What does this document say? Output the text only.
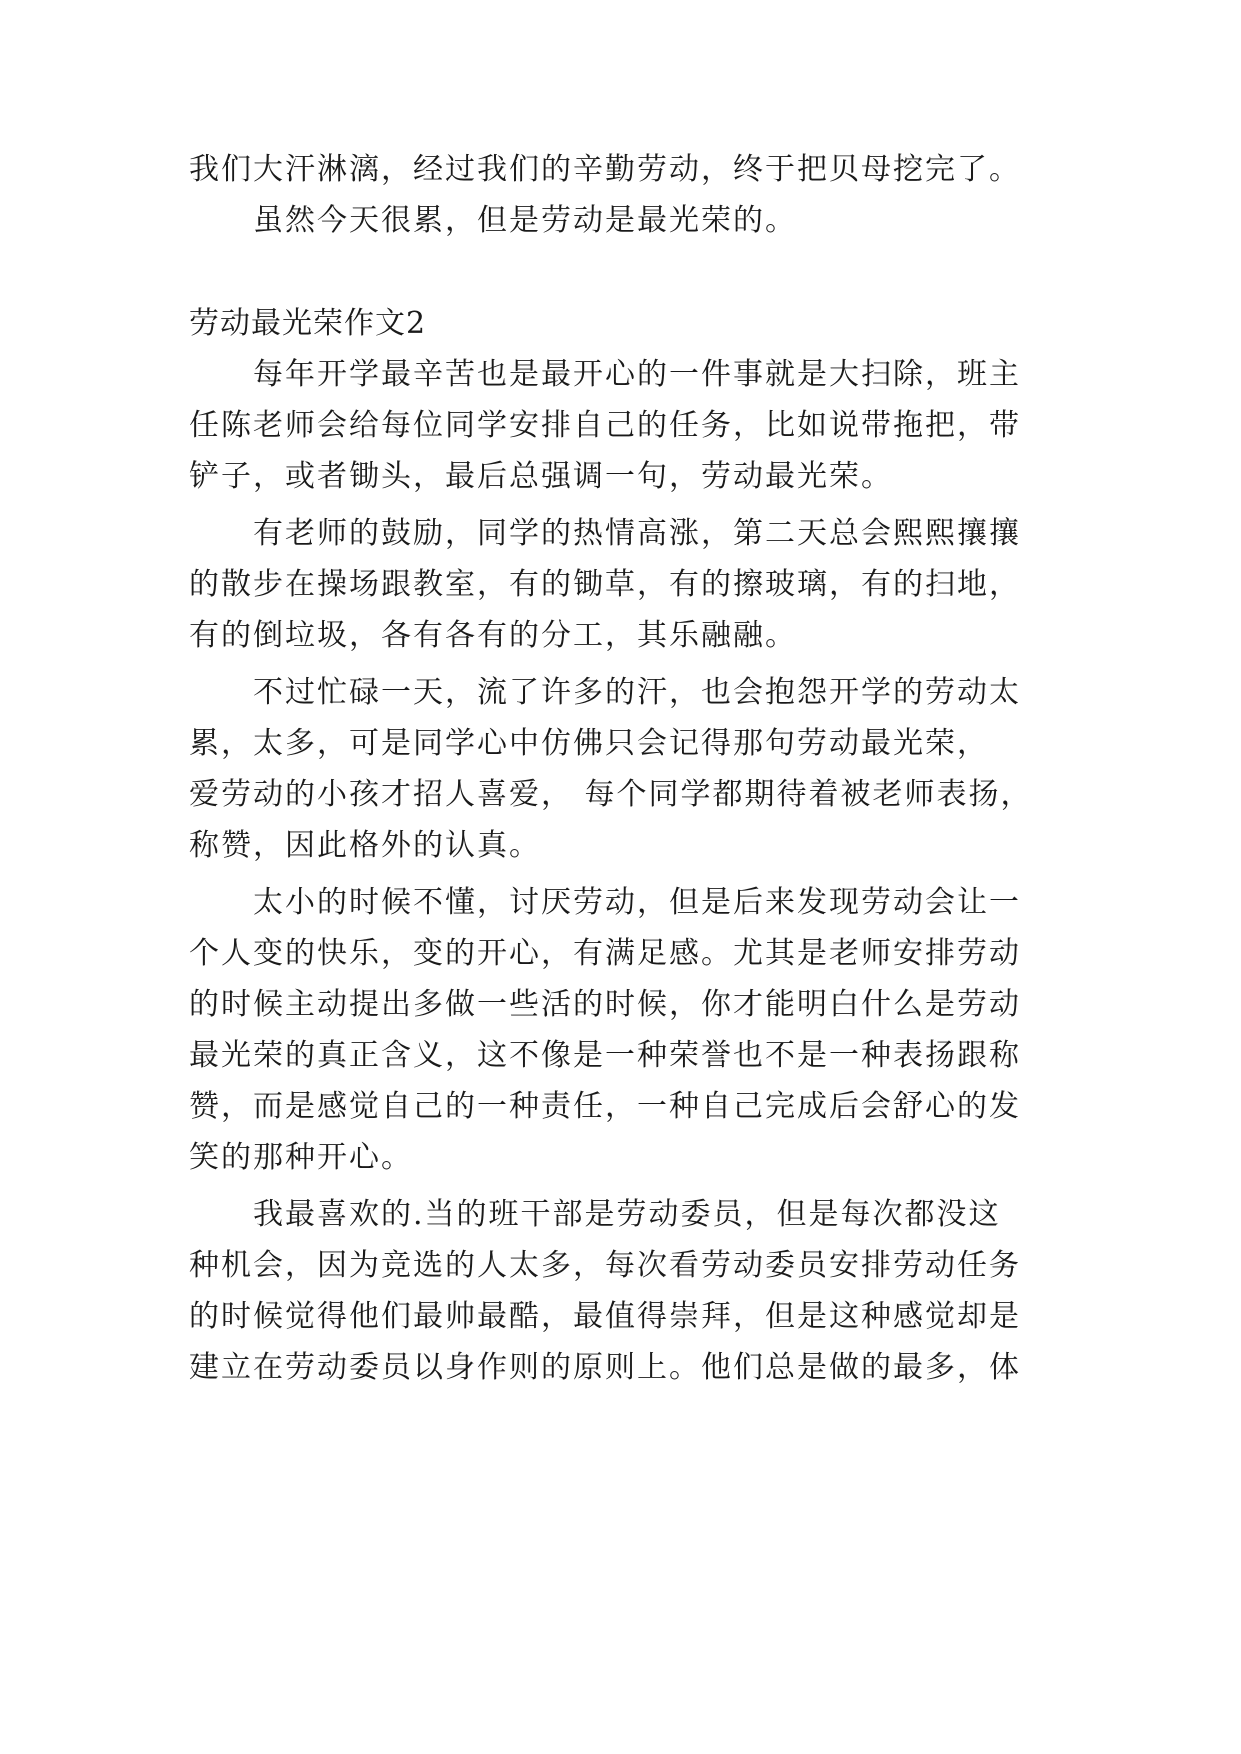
我们大汗淋漓，经过我们的辛勤劳动，终于把贝母挖完了。
虽然今天很累，但是劳动是最光荣的。
劳动最光荣作文2
每年开学最辛苦也是最开心的一件事就是大扫除，班主
任陈老师会给每位同学安排自己的任务，比如说带拖把，带
铲子，或者锄头，最后总强调一句，劳动最光荣。
有老师的鼓励，同学的热情高涨，第二天总会熙熙攘攘
的散步在操场跟教室，有的锄草，有的擦玻璃，有的扫地，
有的倒垃圾，各有各有的分工，其乐融融。
不过忙碌一天，流了许多的汗，也会抱怨开学的劳动太
累，太多，可是同学心中仿佛只会记得那句劳动最光荣，
爱劳动的小孩才招人喜爱， 每个同学都期待着被老师表扬，
称赞，因此格外的认真。
太小的时候不懂，讨厌劳动，但是后来发现劳动会让一
个人变的快乐，变的开心，有满足感。尤其是老师安排劳动
的时候主动提出多做一些活的时候，你才能明白什么是劳动
最光荣的真正含义，这不像是一种荣誉也不是一种表扬跟称
赞，而是感觉自己的一种责任，一种自己完成后会舒心的发
笑的那种开心。
我最喜欢的.当的班干部是劳动委员，但是每次都没这
种机会，因为竞选的人太多，每次看劳动委员安排劳动任务
的时候觉得他们最帅最酷，最值得崇拜，但是这种感觉却是
建立在劳动委员以身作则的原则上。他们总是做的最多，体
